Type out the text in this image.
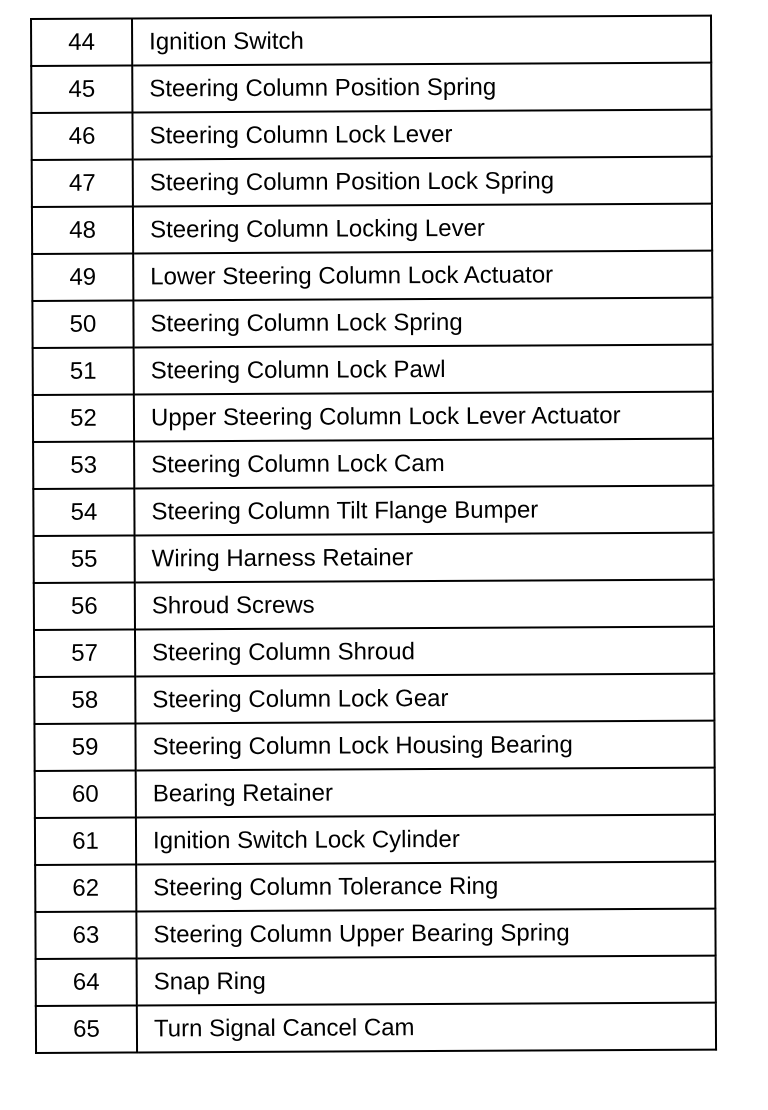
44	Ignition Switch
45	Steering Column Position Spring
46	Steering Column Lock Lever
47	Steering Column Position Lock Spring
48	Steering Column Locking Lever
49	Lower Steering Column Lock Actuator
50	Steering Column Lock Spring
51	Steering Column Lock Pawl
52	Upper Steering Column Lock Lever Actuator
53	Steering Column Lock Cam
54	Steering Column Tilt Flange Bumper
55	Wiring Harness Retainer
56	Shroud Screws
57	Steering Column Shroud
58	Steering Column Lock Gear
59	Steering Column Lock Housing Bearing
60	Bearing Retainer
61	Ignition Switch Lock Cylinder
62	Steering Column Tolerance Ring
63	Steering Column Upper Bearing Spring
64	Snap Ring
65	Turn Signal Cancel Cam
